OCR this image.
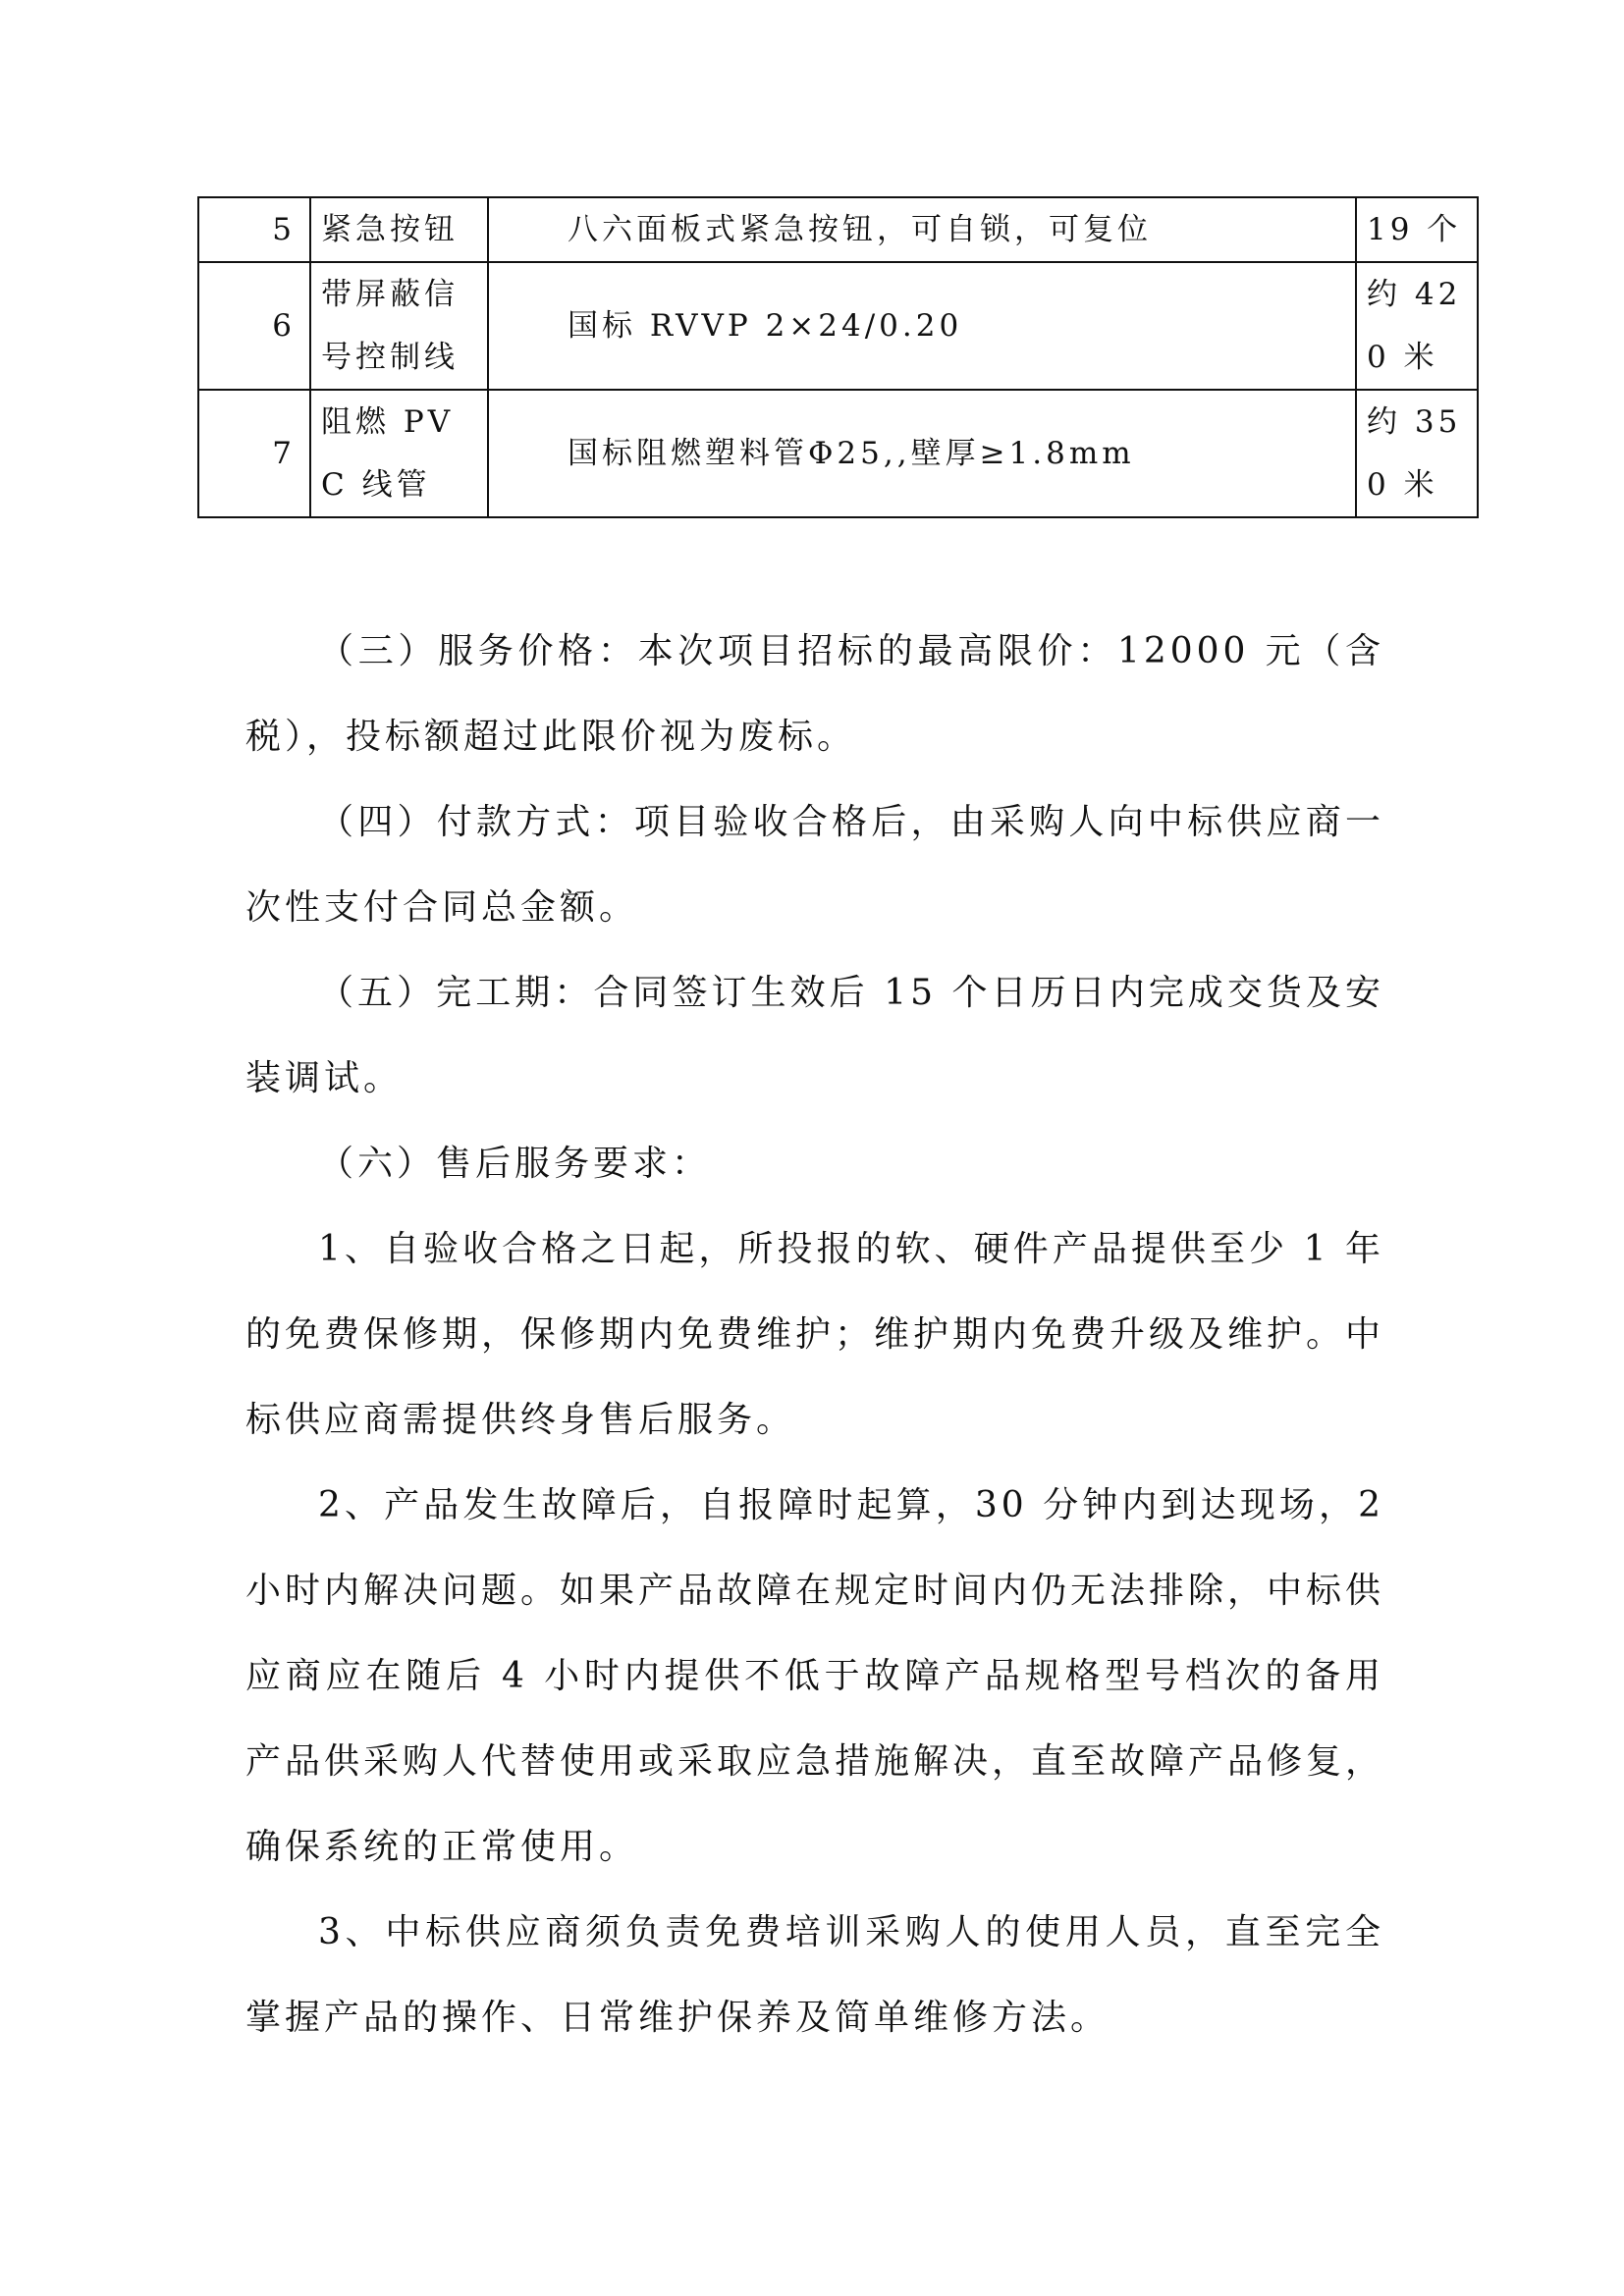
5	紧急按钮	八六面板式紧急按钮，可自锁，可复位	19 个

6	带屏蔽信号控制线	国标 RVVP 2×24/0.20	约 420 米

7	阻燃 PVC 线管	国标阻燃塑料管Φ25,,壁厚≥1.8mm	约 350 米

（三）服务价格：本次项目招标的最高限价：12000 元（含税），投标额超过此限价视为废标。

（四）付款方式：项目验收合格后，由采购人向中标供应商一次性支付合同总金额。

（五）完工期：合同签订生效后 15 个日历日内完成交货及安装调试。

（六）售后服务要求：

1、自验收合格之日起，所投报的软、硬件产品提供至少 1 年的免费保修期，保修期内免费维护；维护期内免费升级及维护。中标供应商需提供终身售后服务。

2、产品发生故障后，自报障时起算，30 分钟内到达现场，2 小时内解决问题。如果产品故障在规定时间内仍无法排除，中标供应商应在随后 4 小时内提供不低于故障产品规格型号档次的备用产品供采购人代替使用或采取应急措施解决，直至故障产品修复，确保系统的正常使用。

3、中标供应商须负责免费培训采购人的使用人员，直至完全掌握产品的操作、日常维护保养及简单维修方法。
